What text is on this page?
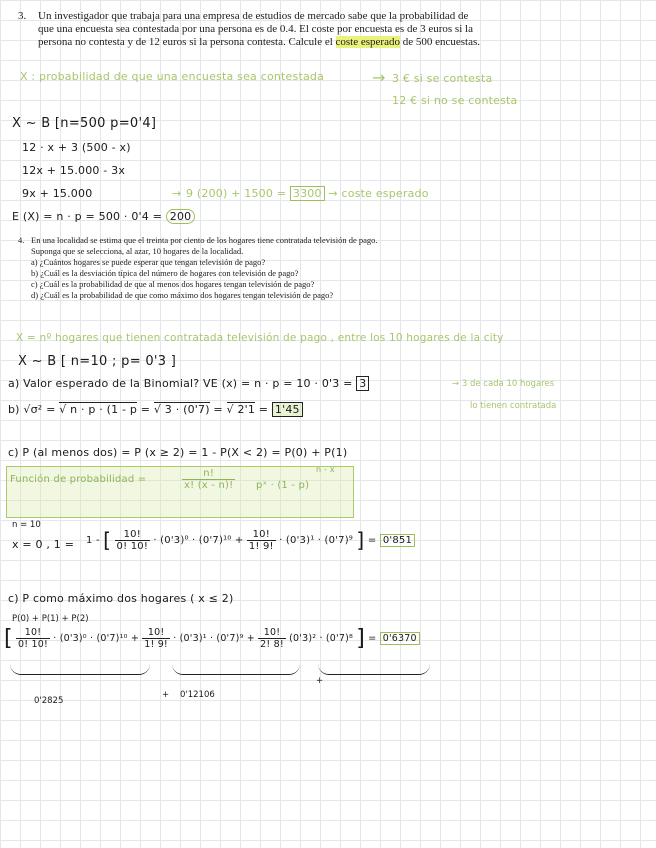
3. Un investigador que trabaja para una empresa de estudios de mercado sabe que la probabilidad de
que una encuesta sea contestada por una persona es de 0.4. El coste por encuesta es de 3 euros si la
persona no contesta y de 12 euros si la persona contesta. Calcule el coste esperado de 500 encuestas.
X : probabilidad de que una encuesta sea contestada	→ 3 € si se contesta
12 € si no se contesta
X ~ B [n=500 p=0'4]
12 · x + 3 (500 - x)
12x + 15.000 - 3x
9x + 15.000	→ 9 (200) + 1500 = 3300 → coste esperado
E (X) = n · p = 500 · 0'4 = 200
4. En una localidad se estima que el treinta por ciento de los hogares tiene contratada televisión de pago.
Suponga que se selecciona, al azar, 10 hogares de la localidad.
a) ¿Cuántos hogares se puede esperar que tengan televisión de pago?
b) ¿Cuál es la desviación típica del número de hogares con televisión de pago?
c) ¿Cuál es la probabilidad de que al menos dos hogares tengan televisión de pago?
d) ¿Cuál es la probabilidad de que como máximo dos hogares tengan televisión de pago?
X = nº hogares que tienen contratada televisión de pago , entre los 10 hogares de la city
X ~ B [ n=10 ; p= 0'3 ]
a) Valor esperado de la Binomial? VE (x) = n · p = 10 · 0'3 = 3	→ 3 de cada 10 hogares
lo tienen contratada
b) √σ² = √ n · p · (1 - p = √ 3 · (0'7) = √ 2'1 = 1'45
c) P (al menos dos) = P (x ≥ 2) = 1 - P(X < 2) = P(0) + P(1)
Función de probabilidad =	$\frac{n!}{x! (x - n)!}$ pˣ · (1 - p)
n - x
n = 10
x = 0 , 1 = 1 - [ $\frac{10!}{0! 10!} \cdot (0'3)^0 \cdot (0'7)^{10} + \frac{10!}{1! 9!} \cdot (0'3)^1 \cdot (0'7)^9$ ] = 0'851
c) P como máximo dos hogares ( x ≤ 2)
P(0) + P(1) + P(2)
[ $\frac{10!}{0! 10!} \cdot (0'3)^0 \cdot (0'7)^{10} + \frac{10!}{1! 9!} \cdot (0'3)^1 \cdot (0'7)^9 + \frac{10!}{2! 8!} (0'3)^2 \cdot (0'7)^8$ ] = 0'6370
0'2825
+ 0'12106
+
